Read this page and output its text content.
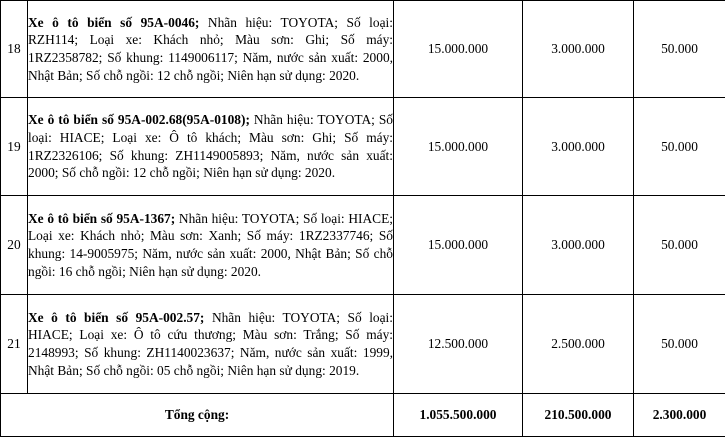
18	Xe ô tô biển số 95A-0046; Nhãn hiệu: TOYOTA; Số loại: RZH114; Loại xe: Khách nhỏ; Màu sơn: Ghi; Số máy: 1RZ2358782; Số khung: 1149006117; Năm, nước sản xuất: 2000, Nhật Bản; Số chỗ ngồi: 12 chỗ ngồi; Niên hạn sử dụng: 2020.	15.000.000	3.000.000	50.000
19	Xe ô tô biển số 95A-002.68(95A-0108); Nhãn hiệu: TOYOTA; Số loại: HIACE; Loại xe: Ô tô khách; Màu sơn: Ghi; Số máy: 1RZ2326106; Số khung: ZH1149005893; Năm, nước sản xuất: 2000; Số chỗ ngồi: 12 chỗ ngồi; Niên hạn sử dụng: 2020.	15.000.000	3.000.000	50.000
20	Xe ô tô biển số 95A-1367; Nhãn hiệu: TOYOTA; Số loại: HIACE; Loại xe: Khách nhỏ; Màu sơn: Xanh; Số máy: 1RZ2337746; Số khung: 14-9005975; Năm, nước sản xuất: 2000, Nhật Bản; Số chỗ ngồi: 16 chỗ ngồi; Niên hạn sử dụng: 2020.	15.000.000	3.000.000	50.000
21	Xe ô tô biển số 95A-002.57; Nhãn hiệu: TOYOTA; Số loại: HIACE; Loại xe: Ô tô cứu thương; Màu sơn: Trắng; Số máy: 2148993; Số khung: ZH1140023637; Năm, nước sản xuất: 1999, Nhật Bản; Số chỗ ngồi: 05 chỗ ngồi; Niên hạn sử dụng: 2019.	12.500.000	2.500.000	50.000
Tổng cộng:		1.055.500.000	210.500.000	2.300.000
